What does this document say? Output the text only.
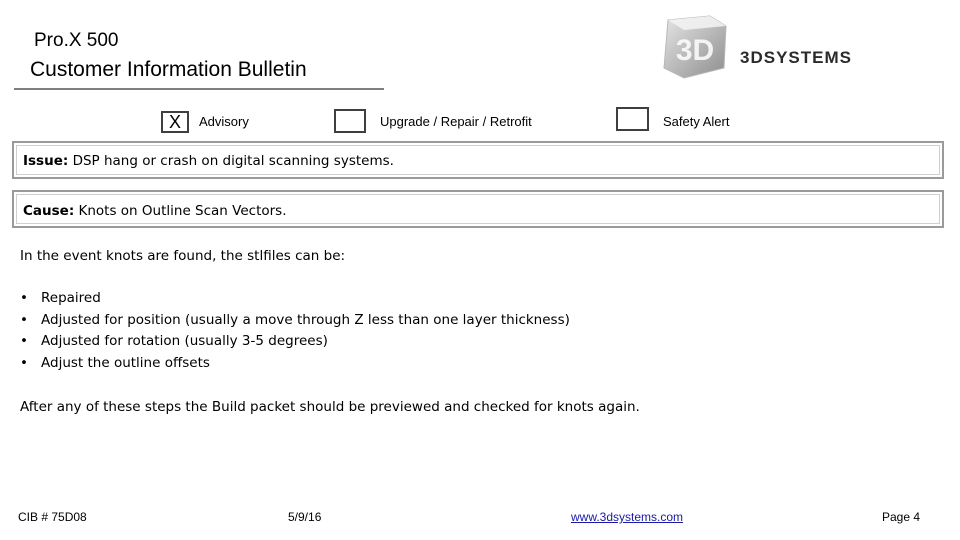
Pro.X 500
Customer Information Bulletin
3D 3DSYSTEMS
X	Advisory	Upgrade / Repair / Retrofit	Safety Alert
Issue: DSP hang or crash on digital scanning systems.
Cause: Knots on Outline Scan Vectors.
In the event knots are found, the stlfiles can be:
• Repaired
• Adjusted for position (usually a move through Z less than one layer thickness)
• Adjusted for rotation (usually 3-5 degrees)
• Adjust the outline offsets
After any of these steps the Build packet should be previewed and checked for knots again.
CIB # 75D08	5/9/16	www.3dsystems.com	Page 4
